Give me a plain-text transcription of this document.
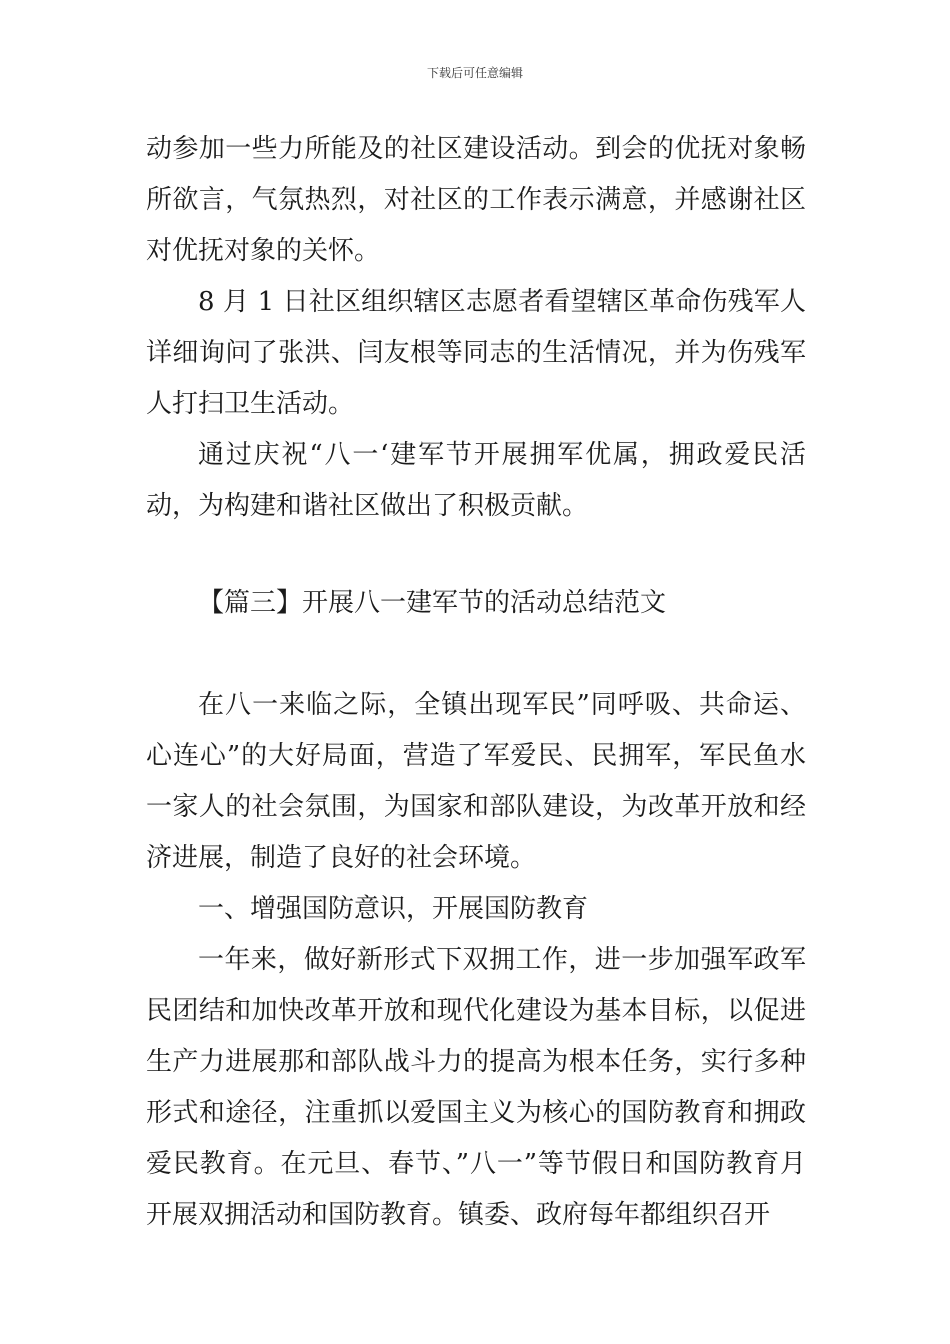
下载后可任意编辑

动参加一些力所能及的社区建设活动。到会的优抚对象畅所欲言，气氛热烈，对社区的工作表示满意，并感谢社区对优抚对象的关怀。

8 月 1 日社区组织辖区志愿者看望辖区革命伤残军人详细询问了张洪、闫友根等同志的生活情况，并为伤残军人打扫卫生活动。

通过庆祝“八一‘建军节开展拥军优属，拥政爱民活动，为构建和谐社区做出了积极贡献。

【篇三】开展八一建军节的活动总结范文

在八一来临之际，全镇出现军民”同呼吸、共命运、心连心”的大好局面，营造了军爱民、民拥军，军民鱼水一家人的社会氛围，为国家和部队建设，为改革开放和经济进展，制造了良好的社会环境。

一、增强国防意识，开展国防教育

一年来，做好新形式下双拥工作，进一步加强军政军民团结和加快改革开放和现代化建设为基本目标，以促进生产力进展那和部队战斗力的提高为根本任务，实行多种形式和途径，注重抓以爱国主义为核心的国防教育和拥政爱民教育。在元旦、春节、”八一”等节假日和国防教育月开展双拥活动和国防教育。镇委、政府每年都组织召开
